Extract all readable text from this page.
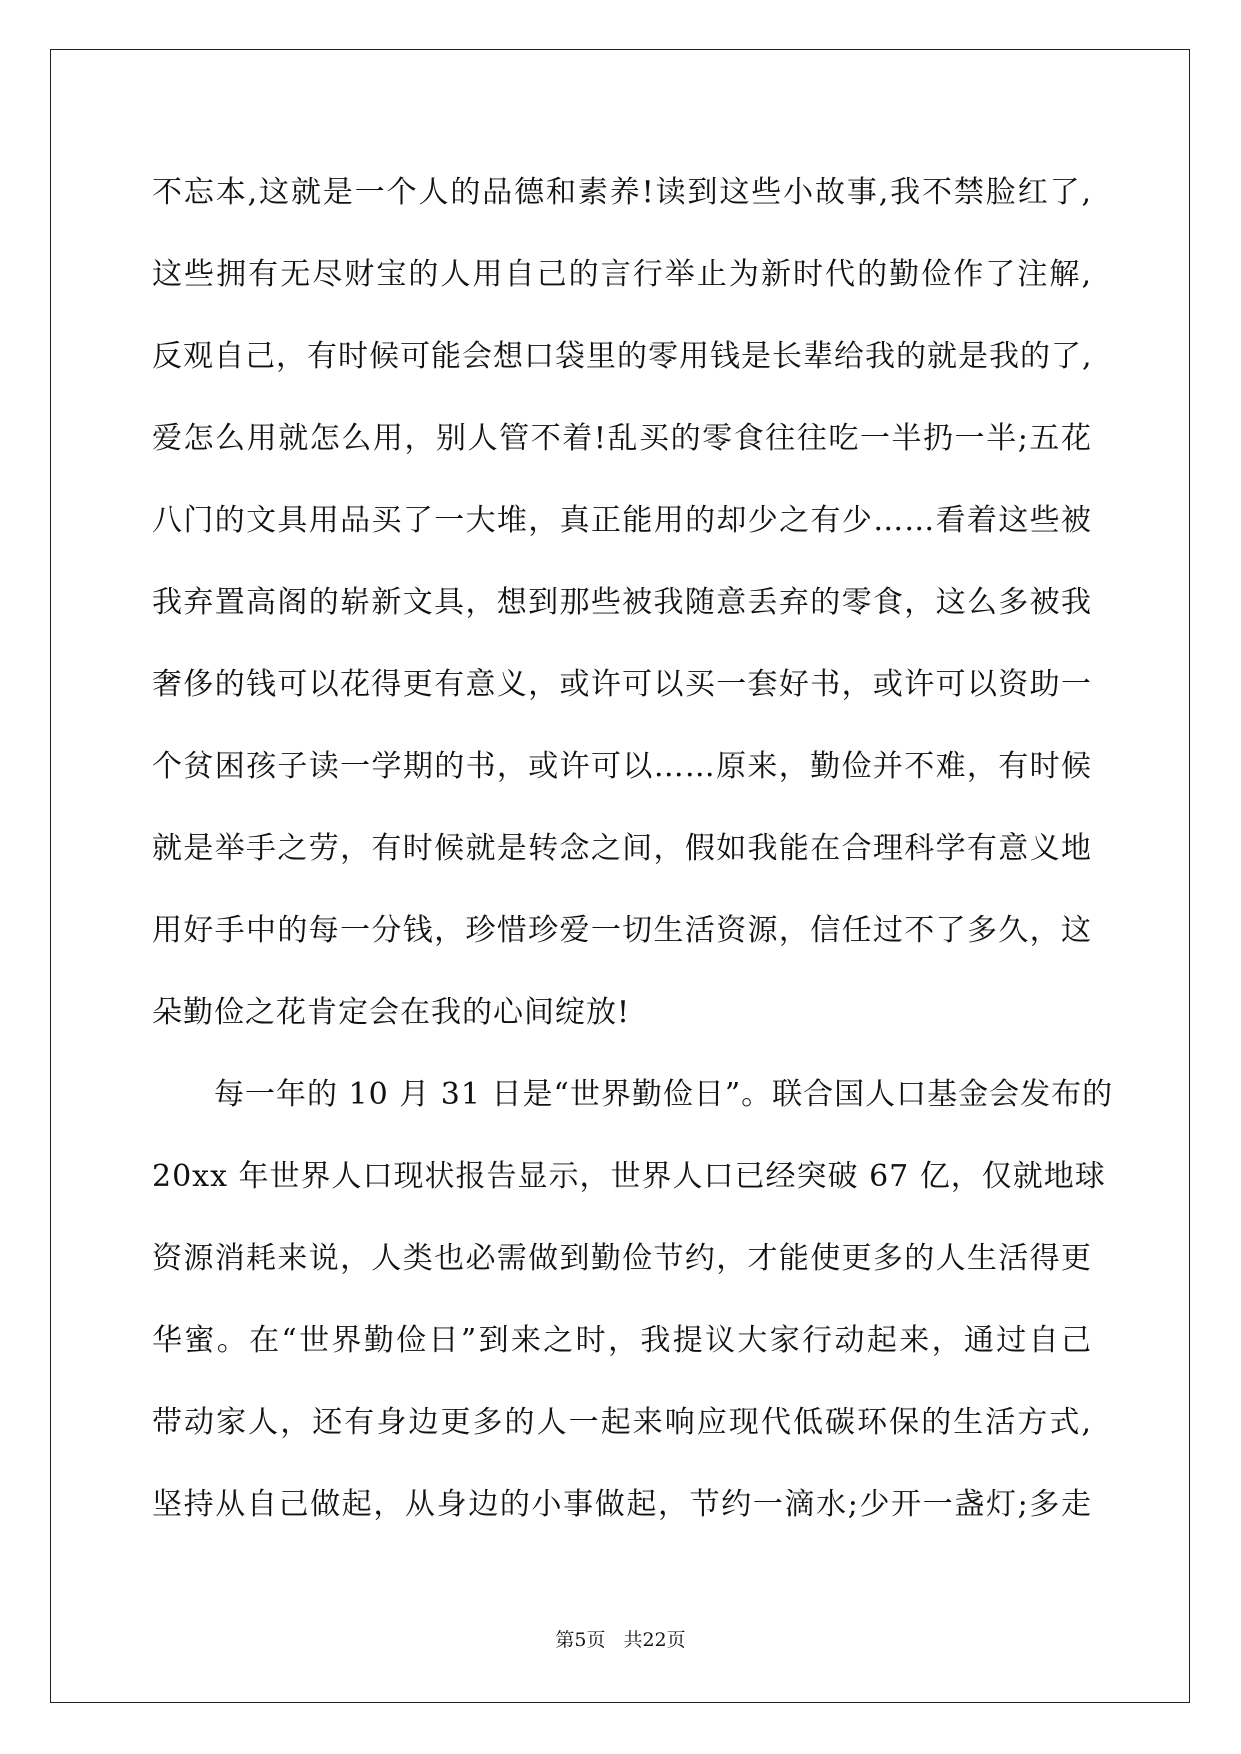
不忘本,这就是一个人的品德和素养!读到这些小故事,我不禁脸红了,
这些拥有无尽财宝的人用自己的言行举止为新时代的勤俭作了注解,
反观自己，有时候可能会想口袋里的零用钱是长辈给我的就是我的了,
爱怎么用就怎么用，别人管不着!乱买的零食往往吃一半扔一半;五花
八门的文具用品买了一大堆，真正能用的却少之有少……看着这些被
我弃置高阁的崭新文具，想到那些被我随意丢弃的零食，这么多被我
奢侈的钱可以花得更有意义，或许可以买一套好书，或许可以资助一
个贫困孩子读一学期的书，或许可以……原来，勤俭并不难，有时候
就是举手之劳，有时候就是转念之间，假如我能在合理科学有意义地
用好手中的每一分钱，珍惜珍爱一切生活资源，信任过不了多久，这
朵勤俭之花肯定会在我的心间绽放!
每一年的 10 月 31 日是“世界勤俭日”。联合国人口基金会发布的
20xx 年世界人口现状报告显示，世界人口已经突破 67 亿，仅就地球
资源消耗来说，人类也必需做到勤俭节约，才能使更多的人生活得更
华蜜。在“世界勤俭日”到来之时，我提议大家行动起来，通过自己
带动家人，还有身边更多的人一起来响应现代低碳环保的生活方式,
坚持从自己做起，从身边的小事做起，节约一滴水;少开一盏灯;多走
第5页 共22页
